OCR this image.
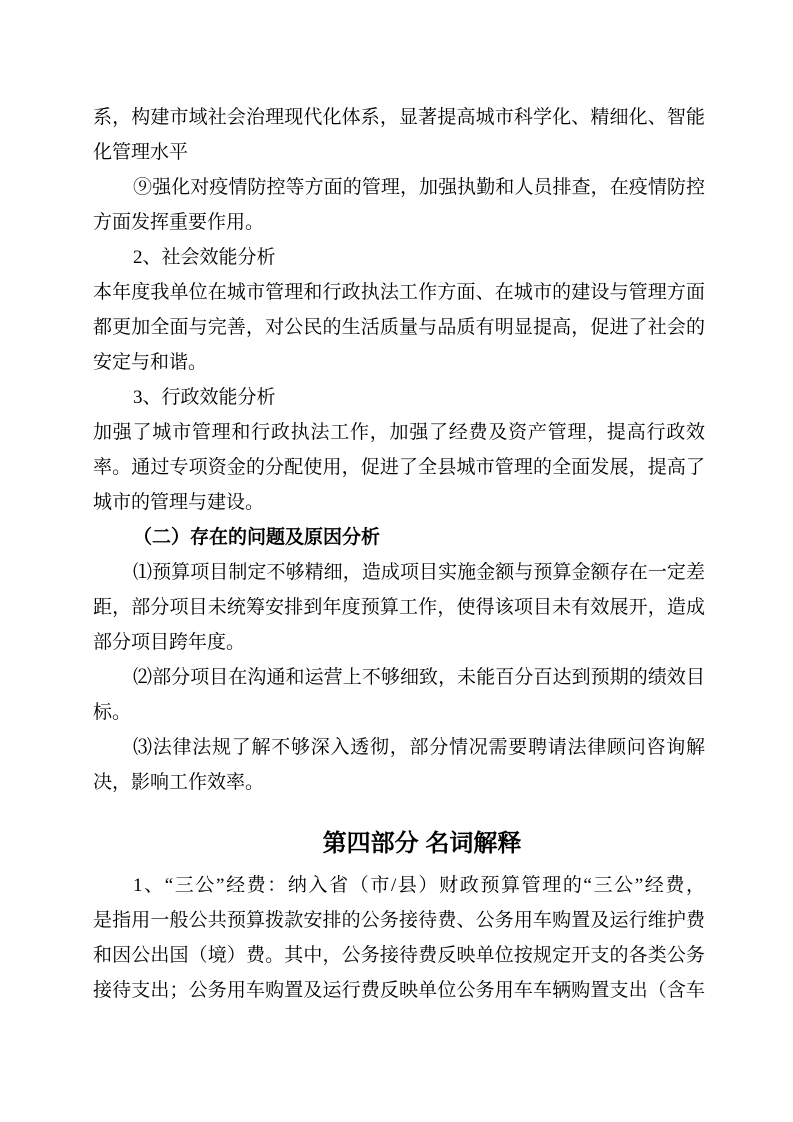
系，构建市域社会治理现代化体系，显著提高城市科学化、精细化、智能
化管理水平
⑨强化对疫情防控等方面的管理，加强执勤和人员排查，在疫情防控
方面发挥重要作用。
2、社会效能分析
本年度我单位在城市管理和行政执法工作方面、在城市的建设与管理方面
都更加全面与完善，对公民的生活质量与品质有明显提高，促进了社会的
安定与和谐。
3、行政效能分析
加强了城市管理和行政执法工作，加强了经费及资产管理，提高行政效
率。通过专项资金的分配使用，促进了全县城市管理的全面发展，提高了
城市的管理与建设。
（二）存在的问题及原因分析
⑴预算项目制定不够精细，造成项目实施金额与预算金额存在一定差
距，部分项目未统筹安排到年度预算工作，使得该项目未有效展开，造成
部分项目跨年度。
⑵部分项目在沟通和运营上不够细致，未能百分百达到预期的绩效目
标。
⑶法律法规了解不够深入透彻，部分情况需要聘请法律顾问咨询解
决，影响工作效率。
第四部分 名词解释
1、“三公”经费：纳入省（市/县）财政预算管理的“三公”经费，
是指用一般公共预算拨款安排的公务接待费、公务用车购置及运行维护费
和因公出国（境）费。其中，公务接待费反映单位按规定开支的各类公务
接待支出；公务用车购置及运行费反映单位公务用车车辆购置支出（含车
